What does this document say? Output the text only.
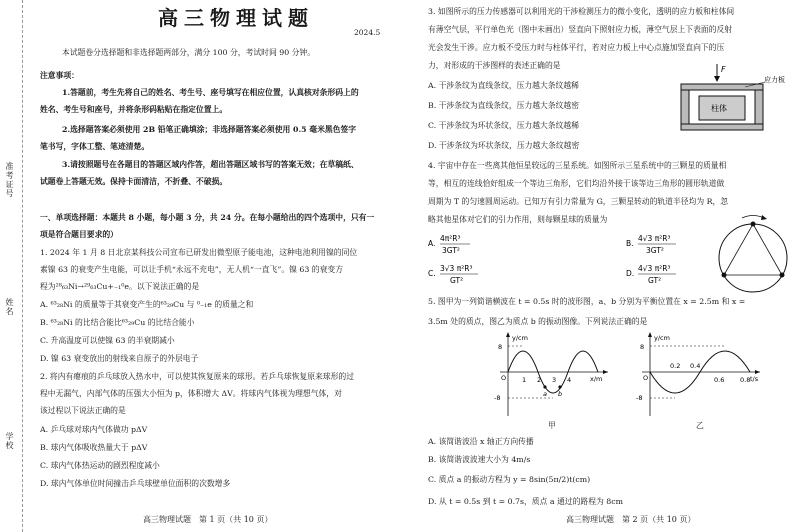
准考证号
姓名
学校
高三物理试题
2024.5
本试题卷分选择题和非选择题两部分，满分 100 分，考试时间 90 分钟。
注意事项：
1.答题前，考生先将自己的姓名、考生号、座号填写在相应位置，认真核对条形码上的
姓名、考生号和座号，并将条形码粘贴在指定位置上。
2.选择题答案必须使用 2B 铅笔正确填涂；非选择题答案必须使用 0.5 毫米黑色签字
笔书写，字体工整、笔迹清楚。
3.请按照题号在各题目的答题区域内作答，超出答题区域书写的答案无效；在草稿纸、
试题卷上答题无效。保持卡面清洁，不折叠、不破损。
一、单项选择题：本题共 8 小题，每小题 3 分，共 24 分。在每小题给出的四个选项中，只有一
项是符合题目要求的）
1. 2024 年 1 月 8 日北京某科技公司宣布已研发出微型原子能电池，这种电池利用镍的同位
素镍 63 的衰变产生电能，可以让手机“永远不充电”，无人机“一直飞”。镍 63 的衰变方
程为²⁸₆₃Ni→²⁹₆₃Cu+₋₁⁰e。以下说法正确的是
A. ⁶³₂₈Ni 的质量等于其衰变产生的⁶³₂₉Cu 与 ⁰₋₁e 的质量之和
B. ⁶³₂₈Ni 的比结合能比⁶³₂₉Cu 的比结合能小
C. 升高温度可以使镍 63 的半衰期减小
D. 镍 63 衰变放出的射线来自原子的外层电子
2. 将内有瘪痕的乒乓球放入热水中，可以使其恢复原来的球形。若乒乓球恢复原来球形的过
程中无漏气，内部气体的压强大小恒为 p，体积增大 ΔV。将球内气体视为理想气体，对
该过程以下说法正确的是
A. 乒乓球对球内气体做功 pΔV
B. 球内气体吸收热量大于 pΔV
C. 球内气体热运动的剧烈程度减小
D. 球内气体单位时间撞击乒乓球壁单位面积的次数增多
高三物理试题　第 1 页（共 10 页）
3. 如图所示的压力传感器可以利用光的干涉检测压力的微小变化，透明的应力板和柱体间
有薄空气层，平行单色光（图中未画出）竖直向下照射应力板，薄空气层上下表面的反射
光会发生干涉。应力板不受压力时与柱体平行，若对应力板上中心点施加竖直向下的压
力，对形成的干涉图样的表述正确的是
A. 干涉条纹为直线条纹，压力越大条纹越稀
B. 干涉条纹为直线条纹，压力越大条纹越密
C. 干涉条纹为环状条纹，压力越大条纹越稀
D. 干涉条纹为环状条纹，压力越大条纹越密
F
柱体
应力板
4. 宇宙中存在一些离其他恒星较远的三星系统。如图所示三星系统中的三颗星的质量相
等，相互的连线恰好组成一个等边三角形，它们均沿外接于该等边三角形的圆形轨道做
周期为 T 的匀速圆周运动。已知万有引力常量为 G，三颗星转动的轨道半径均为 R，忽
略其他星体对它们的引力作用，则每颗星球的质量为
A.
4π²R³
3GT²
B.
4√3 π²R³
3GT²
C.
3√3 π²R³
GT²
D.
4√3 π²R³
GT²
5. 图甲为一列简谐横波在 t = 0.5s 时的波形图，a、b 分别为平衡位置在 x = 2.5m 和 x =
3.5m 处的质点，图乙为质点 b 的振动图像。下列说法正确的是
y/cm
x/m
8
-8
O 1 2 3 4
a b
甲
y/cm
t/s
8
-8
O
0.2 0.4
0.6 0.8
乙
A. 该简谐波沿 x 轴正方向传播
B. 该简谐波波速大小为 4m/s
C. 质点 a 的振动方程为 y = 8sin(5π/2)t(cm)
D. 从 t = 0.5s 到 t = 0.7s，质点 a 通过的路程为 8cm
高三物理试题　第 2 页（共 10 页）
